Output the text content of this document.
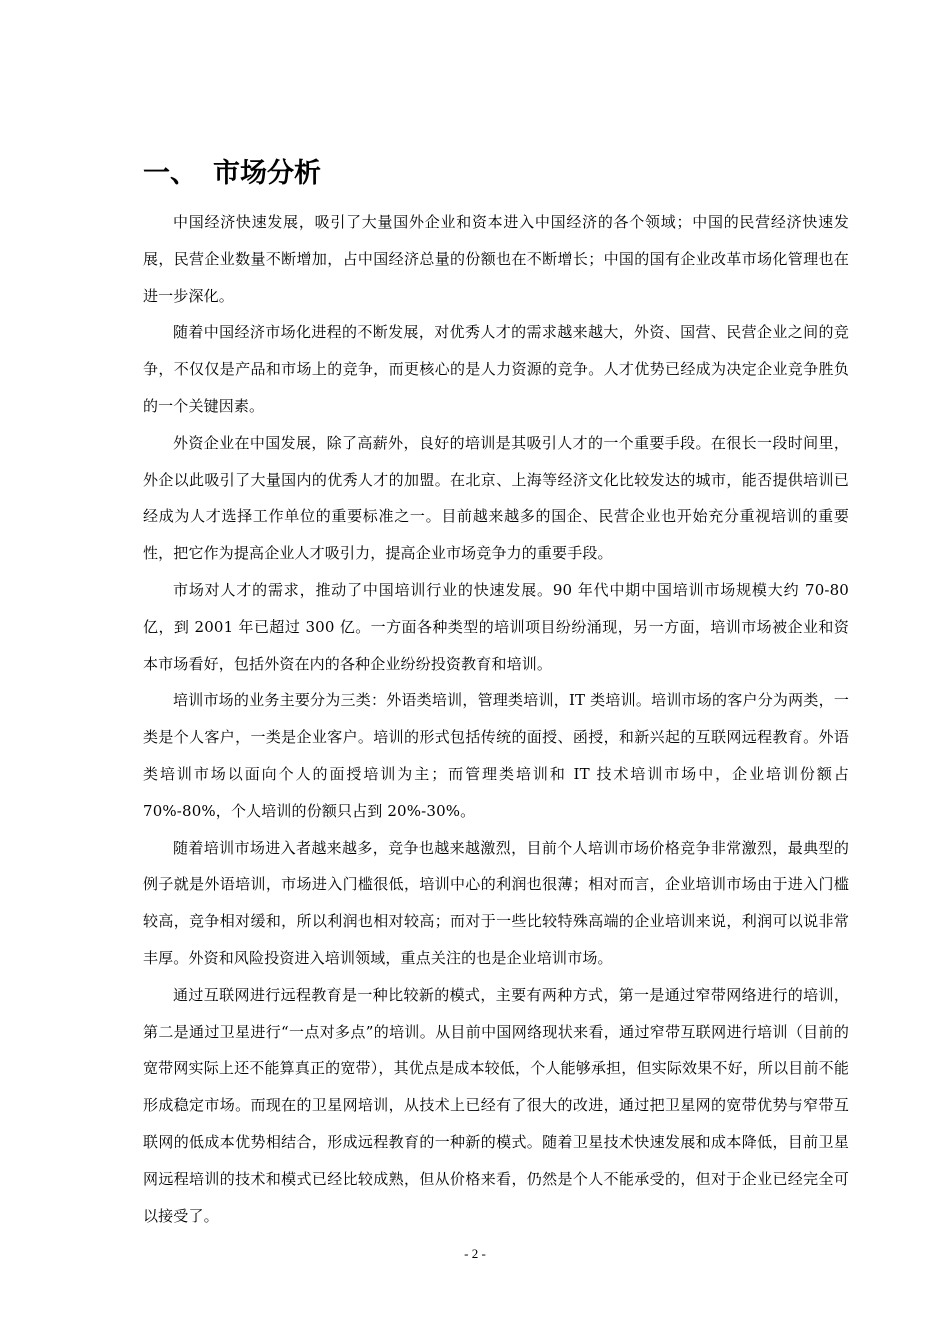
一、 市场分析

中国经济快速发展，吸引了大量国外企业和资本进入中国经济的各个领域；中国的民营经济快速发展，民营企业数量不断增加，占中国经济总量的份额也在不断增长；中国的国有企业改革市场化管理也在进一步深化。

随着中国经济市场化进程的不断发展，对优秀人才的需求越来越大，外资、国营、民营企业之间的竞争，不仅仅是产品和市场上的竞争，而更核心的是人力资源的竞争。人才优势已经成为决定企业竞争胜负的一个关键因素。

外资企业在中国发展，除了高薪外，良好的培训是其吸引人才的一个重要手段。在很长一段时间里，外企以此吸引了大量国内的优秀人才的加盟。在北京、上海等经济文化比较发达的城市，能否提供培训已经成为人才选择工作单位的重要标准之一。目前越来越多的国企、民营企业也开始充分重视培训的重要性，把它作为提高企业人才吸引力，提高企业市场竞争力的重要手段。

市场对人才的需求，推动了中国培训行业的快速发展。90 年代中期中国培训市场规模大约 70-80 亿，到 2001 年已超过 300 亿。一方面各种类型的培训项目纷纷涌现，另一方面，培训市场被企业和资本市场看好，包括外资在内的各种企业纷纷投资教育和培训。

培训市场的业务主要分为三类：外语类培训，管理类培训，IT 类培训。培训市场的客户分为两类，一类是个人客户，一类是企业客户。培训的形式包括传统的面授、函授，和新兴起的互联网远程教育。外语类培训市场以面向个人的面授培训为主；而管理类培训和 IT 技术培训市场中，企业培训份额占 70%-80%，个人培训的份额只占到 20%-30%。

随着培训市场进入者越来越多，竞争也越来越激烈，目前个人培训市场价格竞争非常激烈，最典型的例子就是外语培训，市场进入门槛很低，培训中心的利润也很薄；相对而言，企业培训市场由于进入门槛较高，竞争相对缓和，所以利润也相对较高；而对于一些比较特殊高端的企业培训来说，利润可以说非常丰厚。外资和风险投资进入培训领域，重点关注的也是企业培训市场。

通过互联网进行远程教育是一种比较新的模式，主要有两种方式，第一是通过窄带网络进行的培训，第二是通过卫星进行“一点对多点”的培训。从目前中国网络现状来看，通过窄带互联网进行培训（目前的宽带网实际上还不能算真正的宽带），其优点是成本较低，个人能够承担，但实际效果不好，所以目前不能形成稳定市场。而现在的卫星网培训，从技术上已经有了很大的改进，通过把卫星网的宽带优势与窄带互联网的低成本优势相结合，形成远程教育的一种新的模式。随着卫星技术快速发展和成本降低，目前卫星网远程培训的技术和模式已经比较成熟，但从价格来看，仍然是个人不能承受的，但对于企业已经完全可以接受了。

- 2 -
